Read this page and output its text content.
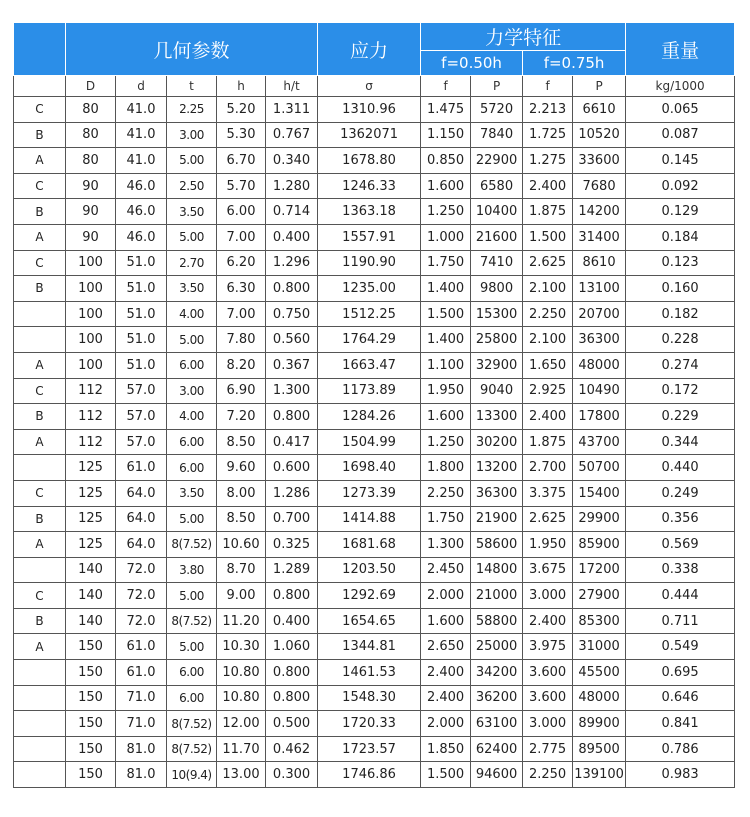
	几何参数					应力	力学特征				重量
							f=0.50h		f=0.75h		
	D	d	t	h	h/t	σ	f	P	f	P	kg/1000
C	80	41.0	2.25	5.20	1.311	1310.96	1.475	5720	2.213	6610	0.065
B	80	41.0	3.00	5.30	0.767	1362071	1.150	7840	1.725	10520	0.087
A	80	41.0	5.00	6.70	0.340	1678.80	0.850	22900	1.275	33600	0.145
C	90	46.0	2.50	5.70	1.280	1246.33	1.600	6580	2.400	7680	0.092
B	90	46.0	3.50	6.00	0.714	1363.18	1.250	10400	1.875	14200	0.129
A	90	46.0	5.00	7.00	0.400	1557.91	1.000	21600	1.500	31400	0.184
C	100	51.0	2.70	6.20	1.296	1190.90	1.750	7410	2.625	8610	0.123
B	100	51.0	3.50	6.30	0.800	1235.00	1.400	9800	2.100	13100	0.160
	100	51.0	4.00	7.00	0.750	1512.25	1.500	15300	2.250	20700	0.182
	100	51.0	5.00	7.80	0.560	1764.29	1.400	25800	2.100	36300	0.228
A	100	51.0	6.00	8.20	0.367	1663.47	1.100	32900	1.650	48000	0.274
C	112	57.0	3.00	6.90	1.300	1173.89	1.950	9040	2.925	10490	0.172
B	112	57.0	4.00	7.20	0.800	1284.26	1.600	13300	2.400	17800	0.229
A	112	57.0	6.00	8.50	0.417	1504.99	1.250	30200	1.875	43700	0.344
	125	61.0	6.00	9.60	0.600	1698.40	1.800	13200	2.700	50700	0.440
C	125	64.0	3.50	8.00	1.286	1273.39	2.250	36300	3.375	15400	0.249
B	125	64.0	5.00	8.50	0.700	1414.88	1.750	21900	2.625	29900	0.356
A	125	64.0	8(7.52)	10.60	0.325	1681.68	1.300	58600	1.950	85900	0.569
	140	72.0	3.80	8.70	1.289	1203.50	2.450	14800	3.675	17200	0.338
C	140	72.0	5.00	9.00	0.800	1292.69	2.000	21000	3.000	27900	0.444
B	140	72.0	8(7.52)	11.20	0.400	1654.65	1.600	58800	2.400	85300	0.711
A	150	61.0	5.00	10.30	1.060	1344.81	2.650	25000	3.975	31000	0.549
	150	61.0	6.00	10.80	0.800	1461.53	2.400	34200	3.600	45500	0.695
	150	71.0	6.00	10.80	0.800	1548.30	2.400	36200	3.600	48000	0.646
	150	71.0	8(7.52)	12.00	0.500	1720.33	2.000	63100	3.000	89900	0.841
	150	81.0	8(7.52)	11.70	0.462	1723.57	1.850	62400	2.775	89500	0.786
	150	81.0	10(9.4)	13.00	0.300	1746.86	1.500	94600	2.250	139100	0.983
